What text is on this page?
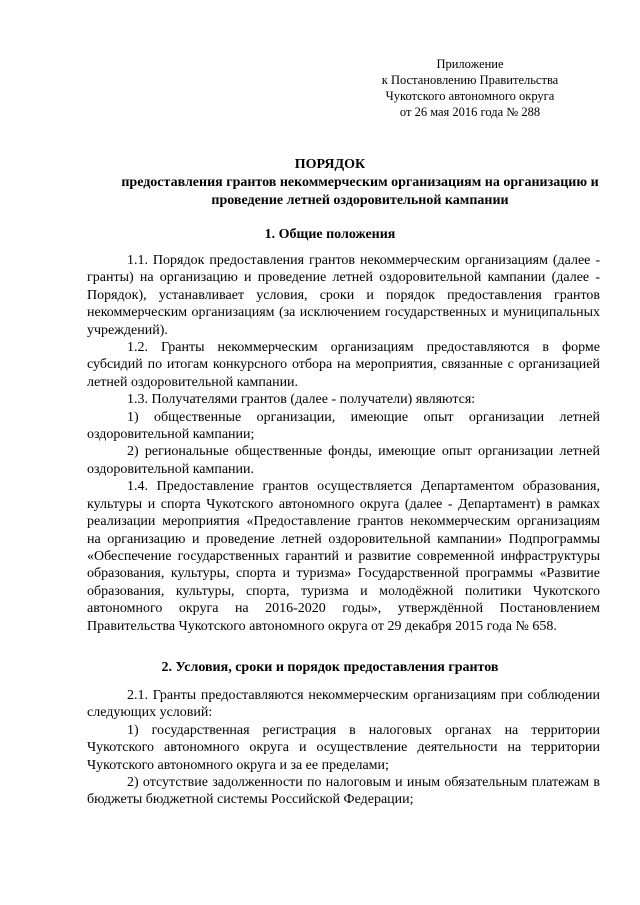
Приложение
к Постановлению Правительства
Чукотского автономного округа
от 26 мая 2016 года № 288
ПОРЯДОК
предоставления грантов некоммерческим организациям на организацию и проведение летней оздоровительной кампании
1. Общие положения

1.1. Порядок предоставления грантов некоммерческим организациям (далее - гранты) на организацию и проведение летней оздоровительной кампании (далее - Порядок), устанавливает условия, сроки и порядок предоставления грантов некоммерческим организациям (за исключением государственных и муниципальных учреждений).

1.2. Гранты некоммерческим организациям предоставляются в форме субсидий по итогам конкурсного отбора на мероприятия, связанные с организацией летней оздоровительной кампании.

1.3. Получателями грантов (далее - получатели) являются:

1) общественные организации, имеющие опыт организации летней оздоровительной кампании;

2) региональные общественные фонды, имеющие опыт организации летней оздоровительной кампании.

1.4. Предоставление грантов осуществляется Департаментом образования, культуры и спорта Чукотского автономного округа (далее - Департамент) в рамках реализации мероприятия «Предоставление грантов некоммерческим организациям на организацию и проведение летней оздоровительной кампании» Подпрограммы «Обеспечение государственных гарантий и развитие современной инфраструктуры образования, культуры, спорта и туризма» Государственной программы «Развитие образования, культуры, спорта, туризма и молодёжной политики Чукотского автономного округа на 2016-2020 годы», утверждённой Постановлением Правительства Чукотского автономного округа от 29 декабря 2015 года № 658.

2. Условия, сроки и порядок предоставления грантов

2.1. Гранты предоставляются некоммерческим организациям при соблюдении следующих условий:

1) государственная регистрация в налоговых органах на территории Чукотского автономного округа и осуществление деятельности на территории Чукотского автономного округа и за ее пределами;

2) отсутствие задолженности по налоговым и иным обязательным платежам в бюджеты бюджетной системы Российской Федерации;
